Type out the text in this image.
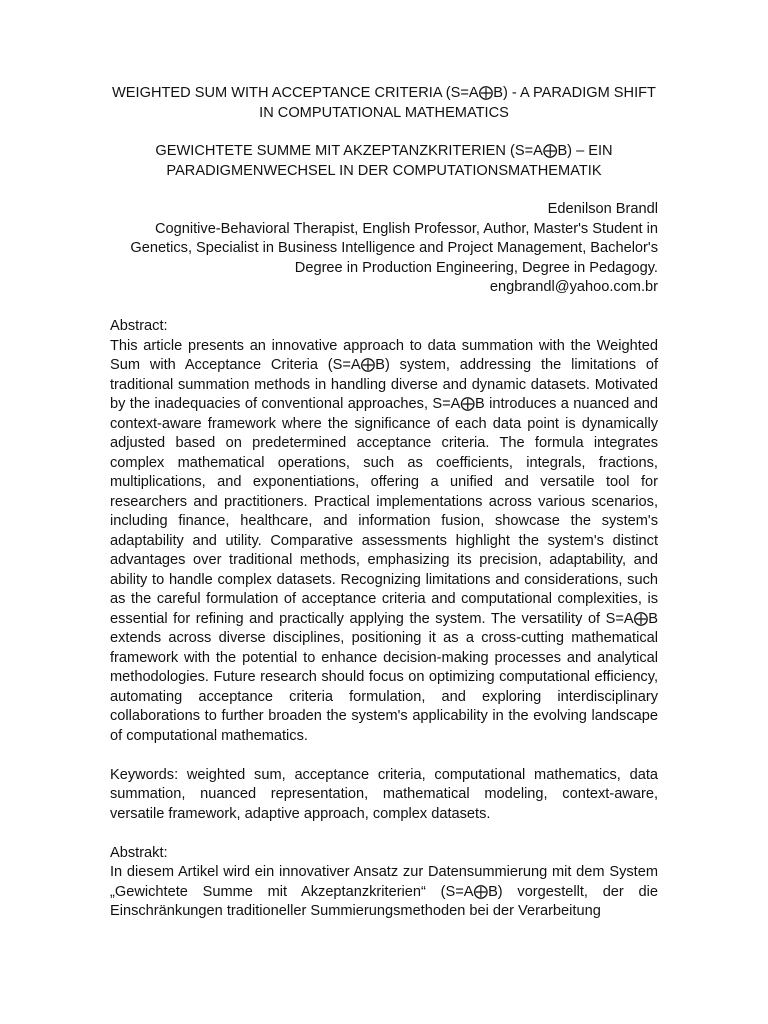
WEIGHTED SUM WITH ACCEPTANCE CRITERIA (S=A⨁B) - A PARADIGM SHIFT IN COMPUTATIONAL MATHEMATICS
GEWICHTETE SUMME MIT AKZEPTANZKRITERIEN (S=A⨁B) – EIN PARADIGMENWECHSEL IN DER COMPUTATIONSMATHEMATIK
Edenilson Brandl
Cognitive-Behavioral Therapist, English Professor, Author, Master's Student in Genetics, Specialist in Business Intelligence and Project Management, Bachelor's Degree in Production Engineering, Degree in Pedagogy.
engbrandl@yahoo.com.br
Abstract:

This article presents an innovative approach to data summation with the Weighted Sum with Acceptance Criteria (S=A⨁B) system, addressing the limitations of traditional summation methods in handling diverse and dynamic datasets. Motivated by the inadequacies of conventional approaches, S=A⨁B introduces a nuanced and context-aware framework where the significance of each data point is dynamically adjusted based on predetermined acceptance criteria. The formula integrates complex mathematical operations, such as coefficients, integrals, fractions, multiplications, and exponentiations, offering a unified and versatile tool for researchers and practitioners. Practical implementations across various scenarios, including finance, healthcare, and information fusion, showcase the system's adaptability and utility. Comparative assessments highlight the system's distinct advantages over traditional methods, emphasizing its precision, adaptability, and ability to handle complex datasets. Recognizing limitations and considerations, such as the careful formulation of acceptance criteria and computational complexities, is essential for refining and practically applying the system. The versatility of S=A⨁B extends across diverse disciplines, positioning it as a cross-cutting mathematical framework with the potential to enhance decision-making processes and analytical methodologies. Future research should focus on optimizing computational efficiency, automating acceptance criteria formulation, and exploring interdisciplinary collaborations to further broaden the system's applicability in the evolving landscape of computational mathematics.

Keywords: weighted sum, acceptance criteria, computational mathematics, data summation, nuanced representation, mathematical modeling, context-aware, versatile framework, adaptive approach, complex datasets.

Abstrakt:

In diesem Artikel wird ein innovativer Ansatz zur Datensummierung mit dem System „Gewichtete Summe mit Akzeptanzkriterien“ (S=A⨁B) vorgestellt, der die Einschränkungen traditioneller Summierungsmethoden bei der Verarbeitung
